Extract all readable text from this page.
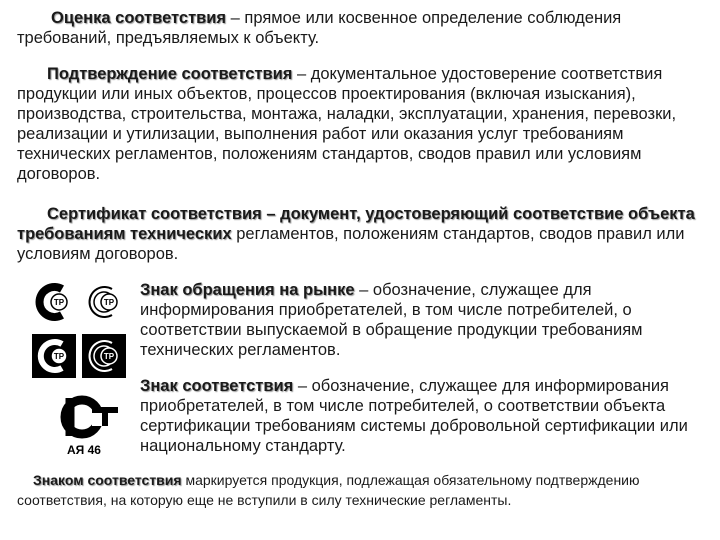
Оценка соответствия – прямое или косвенное определение соблюдения требований, предъявляемых к объекту.
Подтверждение соответствия – документальное удостоверение соответствия продукции или иных объектов, процессов проектирования (включая изыскания), производства, строительства, монтажа, наладки, эксплуатации, хранения, перевозки, реализации и утилизации, выполнения работ или оказания услуг требованиям технических регламентов, положениям стандартов, сводов правил или условиям договоров.
Сертификат соответствия – документ, удостоверяющий соответствие объекта требованиям технических регламентов, положениям стандартов, сводов правил или условиям договоров.
Знак обращения на рынке – обозначение, служащее для информирования приобретателей, в том числе потребителей, о соответствии выпускаемой в обращение продукции требованиям технических регламентов.
Знак соответствия – обозначение, служащее для информирования приобретателей, в том числе потребителей, о соответствии объекта сертификации требованиям системы добровольной сертификации или национальному стандарту.
Знаком соответствия маркируется продукция, подлежащая обязательному подтверждению соответствия, на которую еще не вступили в силу технические регламенты.
ТР	ТР
ТР	ТР
АЯ 46
